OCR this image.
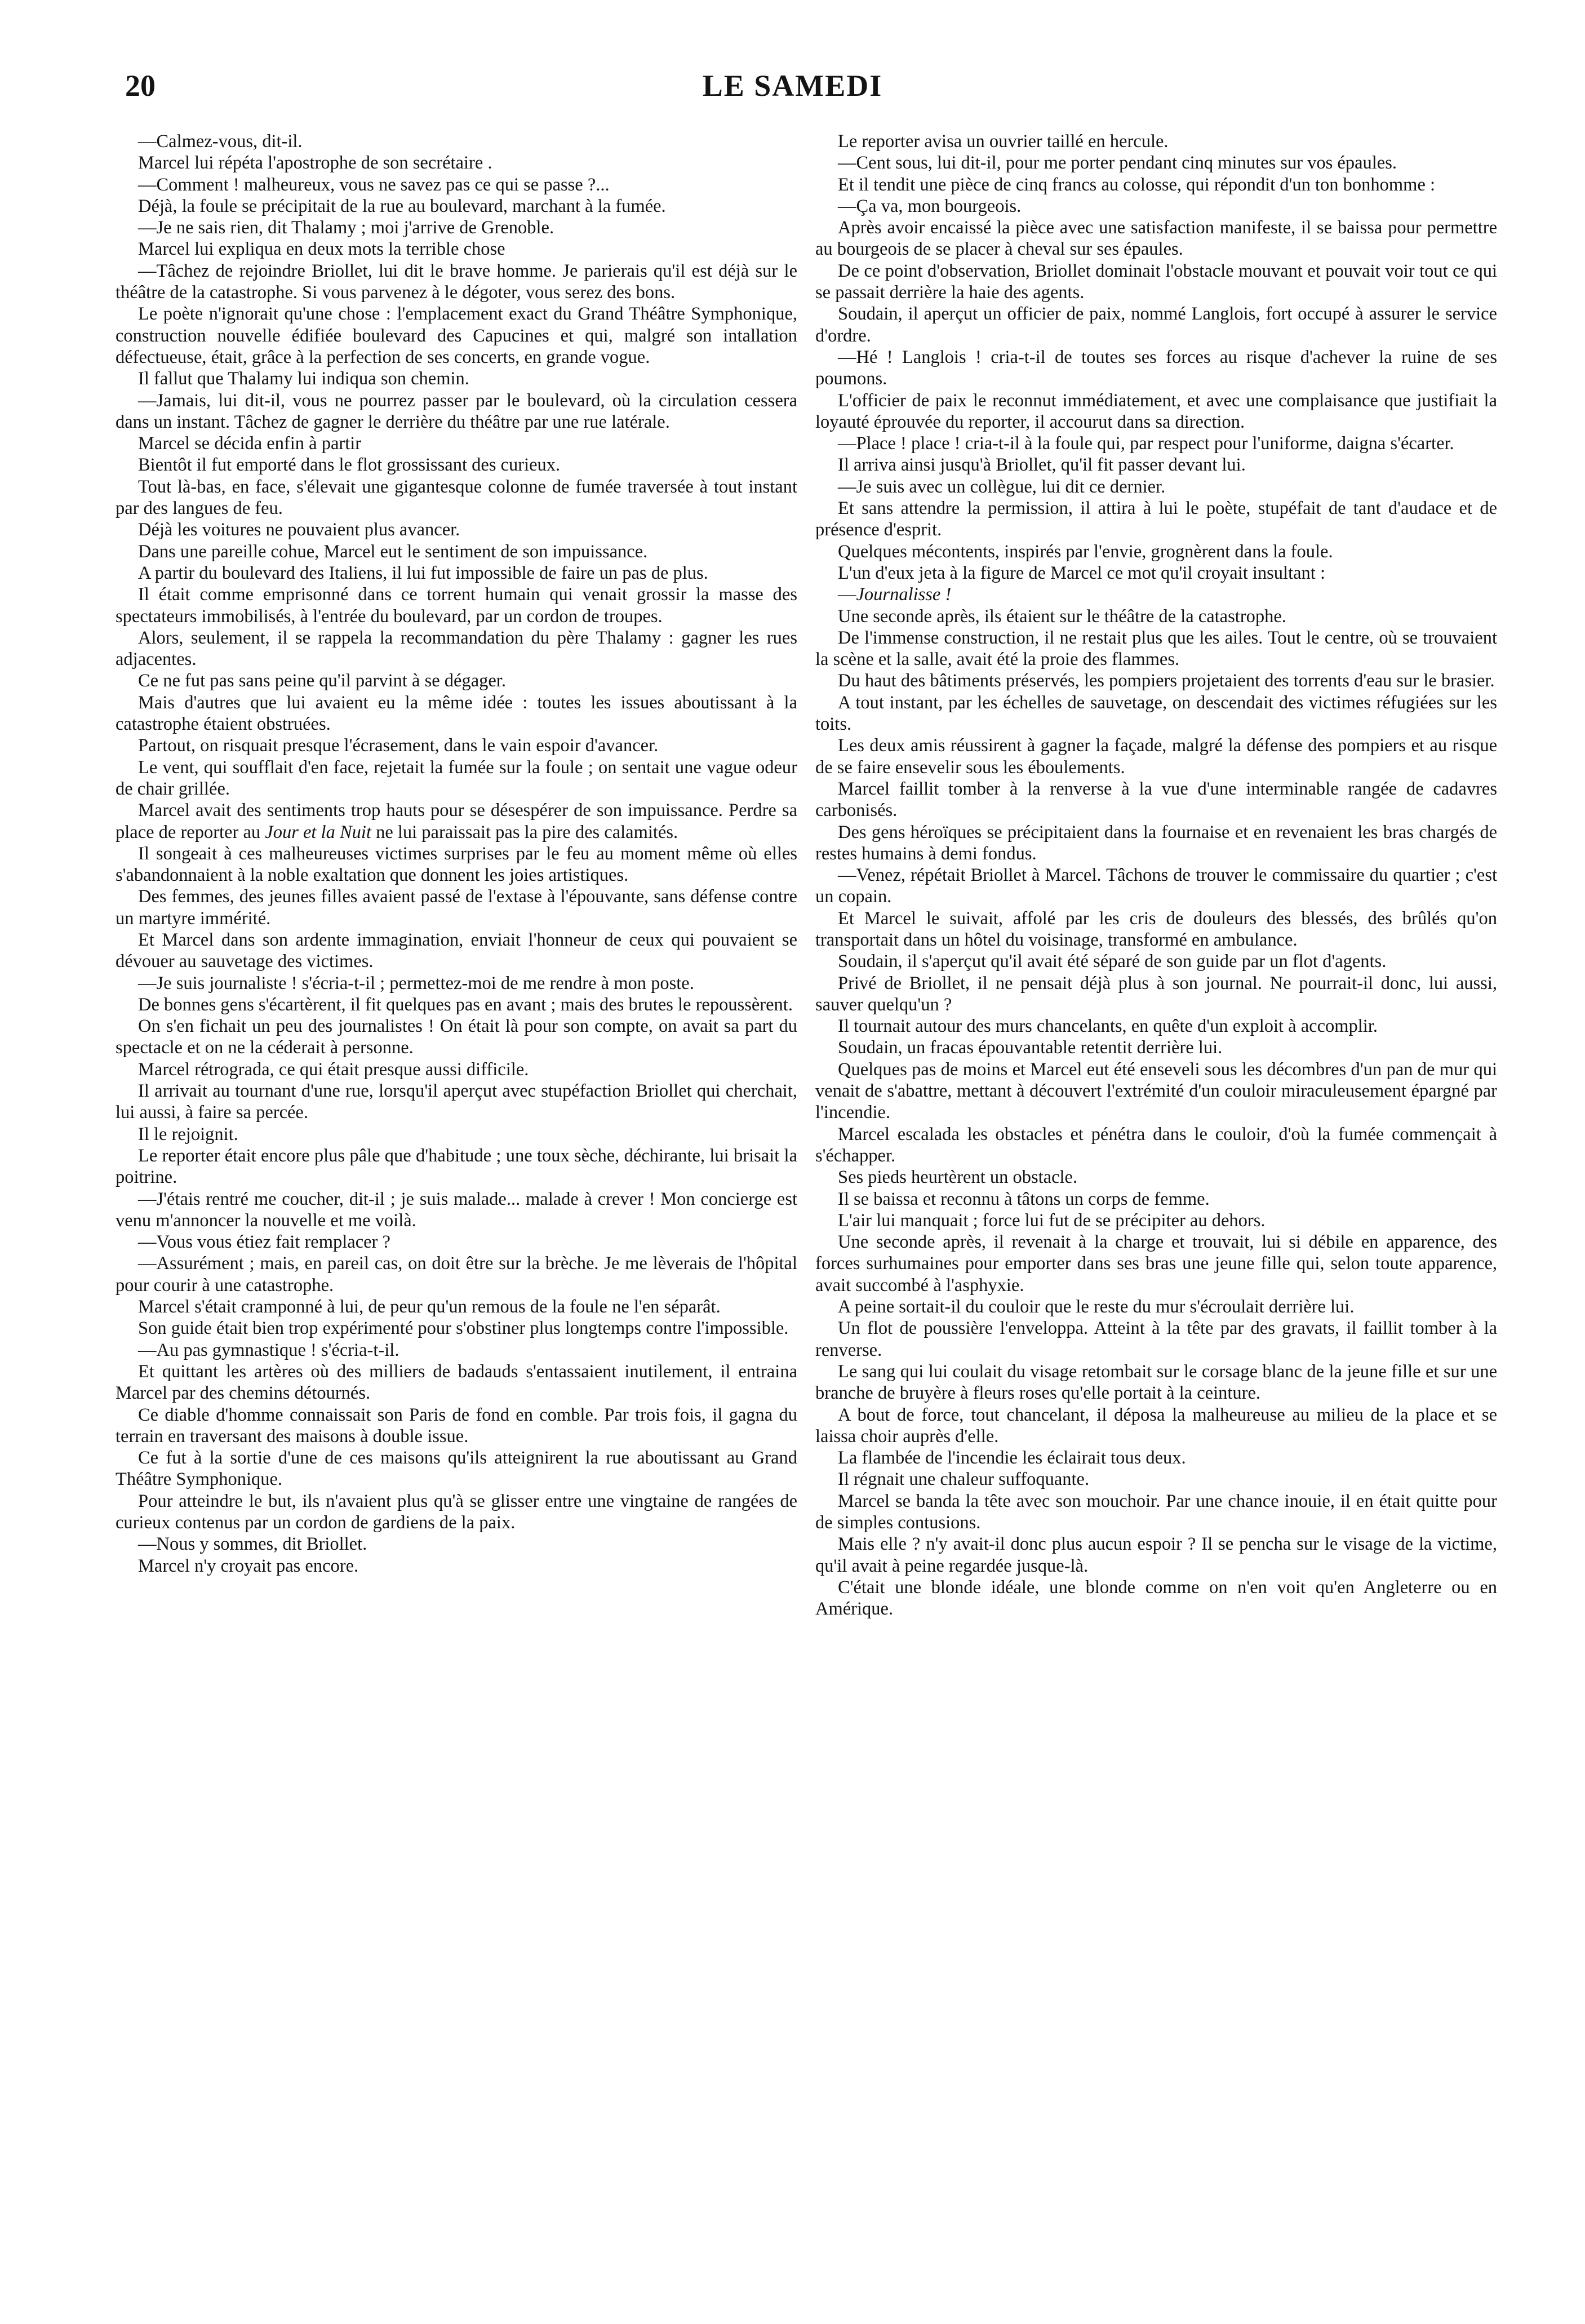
20	LE SAMEDI

—Calmez-vous, dit-il.

Marcel lui répéta l'apostrophe de son secrétaire .

—Comment ! malheureux, vous ne savez pas ce qui se passe ?...

Déjà, la foule se précipitait de la rue au boulevard, marchant à la fumée.

—Je ne sais rien, dit Thalamy ; moi j'arrive de Grenoble.

Marcel lui expliqua en deux mots la terrible chose

—Tâchez de rejoindre Briollet, lui dit le brave homme. Je parierais qu'il est déjà sur le théâtre de la catastrophe. Si vous parvenez à le dégoter, vous serez des bons.

Le poète n'ignorait qu'une chose : l'emplacement exact du Grand Théâtre Symphonique, construction nouvelle édifiée boulevard des Capucines et qui, malgré son intallation défectueuse, était, grâce à la perfection de ses concerts, en grande vogue.

Il fallut que Thalamy lui indiqua son chemin.

—Jamais, lui dit-il, vous ne pourrez passer par le boulevard, où la circulation cessera dans un instant. Tâchez de gagner le derrière du théâtre par une rue latérale.

Marcel se décida enfin à partir

Bientôt il fut emporté dans le flot grossissant des curieux.

Tout là-bas, en face, s'élevait une gigantesque colonne de fumée traversée à tout instant par des langues de feu.

Déjà les voitures ne pouvaient plus avancer.

Dans une pareille cohue, Marcel eut le sentiment de son impuissance.

A partir du boulevard des Italiens, il lui fut impossible de faire un pas de plus.

Il était comme emprisonné dans ce torrent humain qui venait grossir la masse des spectateurs immobilisés, à l'entrée du boulevard, par un cordon de troupes.

Alors, seulement, il se rappela la recommandation du père Thalamy : gagner les rues adjacentes.

Ce ne fut pas sans peine qu'il parvint à se dégager.

Mais d'autres que lui avaient eu la même idée : toutes les issues aboutissant à la catastrophe étaient obstruées.

Partout, on risquait presque l'écrasement, dans le vain espoir d'avancer.

Le vent, qui soufflait d'en face, rejetait la fumée sur la foule ; on sentait une vague odeur de chair grillée.

Marcel avait des sentiments trop hauts pour se désespérer de son impuissance. Perdre sa place de reporter au Jour et la Nuit ne lui paraissait pas la pire des calamités.

Il songeait à ces malheureuses victimes surprises par le feu au moment même où elles s'abandonnaient à la noble exaltation que donnent les joies artistiques.

Des femmes, des jeunes filles avaient passé de l'extase à l'épouvante, sans défense contre un martyre immérité.

Et Marcel dans son ardente immagination, enviait l'honneur de ceux qui pouvaient se dévouer au sauvetage des victimes.

—Je suis journaliste ! s'écria-t-il ; permettez-moi de me rendre à mon poste.

De bonnes gens s'écartèrent, il fit quelques pas en avant ; mais des brutes le repoussèrent.

On s'en fichait un peu des journalistes ! On était là pour son compte, on avait sa part du spectacle et on ne la céderait à personne.

Marcel rétrograda, ce qui était presque aussi difficile.

Il arrivait au tournant d'une rue, lorsqu'il aperçut avec stupéfaction Briollet qui cherchait, lui aussi, à faire sa percée.

Il le rejoignit.

Le reporter était encore plus pâle que d'habitude ; une toux sèche, déchirante, lui brisait la poitrine.

—J'étais rentré me coucher, dit-il ; je suis malade... malade à crever ! Mon concierge est venu m'annoncer la nouvelle et me voilà.

—Vous vous étiez fait remplacer ?

—Assurément ; mais, en pareil cas, on doit être sur la brèche. Je me lèverais de l'hôpital pour courir à une catastrophe.

Marcel s'était cramponné à lui, de peur qu'un remous de la foule ne l'en séparât.

Son guide était bien trop expérimenté pour s'obstiner plus longtemps contre l'impossible.

—Au pas gymnastique ! s'écria-t-il.

Et quittant les artères où des milliers de badauds s'entassaient inutilement, il entraina Marcel par des chemins détournés.

Ce diable d'homme connaissait son Paris de fond en comble. Par trois fois, il gagna du terrain en traversant des maisons à double issue.

Ce fut à la sortie d'une de ces maisons qu'ils atteignirent la rue aboutissant au Grand Théâtre Symphonique.

Pour atteindre le but, ils n'avaient plus qu'à se glisser entre une vingtaine de rangées de curieux contenus par un cordon de gardiens de la paix.

—Nous y sommes, dit Briollet.

Marcel n'y croyait pas encore.

Le reporter avisa un ouvrier taillé en hercule.

—Cent sous, lui dit-il, pour me porter pendant cinq minutes sur vos épaules.

Et il tendit une pièce de cinq francs au colosse, qui répondit d'un ton bonhomme :

—Ça va, mon bourgeois.

Après avoir encaissé la pièce avec une satisfaction manifeste, il se baissa pour permettre au bourgeois de se placer à cheval sur ses épaules.

De ce point d'observation, Briollet dominait l'obstacle mouvant et pouvait voir tout ce qui se passait derrière la haie des agents.

Soudain, il aperçut un officier de paix, nommé Langlois, fort occupé à assurer le service d'ordre.

—Hé ! Langlois ! cria-t-il de toutes ses forces au risque d'achever la ruine de ses poumons.

L'officier de paix le reconnut immédiatement, et avec une complaisance que justifiait la loyauté éprouvée du reporter, il accourut dans sa direction.

—Place ! place ! cria-t-il à la foule qui, par respect pour l'uniforme, daigna s'écarter.

Il arriva ainsi jusqu'à Briollet, qu'il fit passer devant lui.

—Je suis avec un collègue, lui dit ce dernier.

Et sans attendre la permission, il attira à lui le poète, stupéfait de tant d'audace et de présence d'esprit.

Quelques mécontents, inspirés par l'envie, grognèrent dans la foule.

L'un d'eux jeta à la figure de Marcel ce mot qu'il croyait insultant :

—Journalisse !

Une seconde après, ils étaient sur le théâtre de la catastrophe.

De l'immense construction, il ne restait plus que les ailes. Tout le centre, où se trouvaient la scène et la salle, avait été la proie des flammes.

Du haut des bâtiments préservés, les pompiers projetaient des torrents d'eau sur le brasier.

A tout instant, par les échelles de sauvetage, on descendait des victimes réfugiées sur les toits.

Les deux amis réussirent à gagner la façade, malgré la défense des pompiers et au risque de se faire ensevelir sous les éboulements.

Marcel faillit tomber à la renverse à la vue d'une interminable rangée de cadavres carbonisés.

Des gens héroïques se précipitaient dans la fournaise et en revenaient les bras chargés de restes humains à demi fondus.

—Venez, répétait Briollet à Marcel. Tâchons de trouver le commissaire du quartier ; c'est un copain.

Et Marcel le suivait, affolé par les cris de douleurs des blessés, des brûlés qu'on transportait dans un hôtel du voisinage, transformé en ambulance.

Soudain, il s'aperçut qu'il avait été séparé de son guide par un flot d'agents.

Privé de Briollet, il ne pensait déjà plus à son journal. Ne pourrait-il donc, lui aussi, sauver quelqu'un ?

Il tournait autour des murs chancelants, en quête d'un exploit à accomplir.

Soudain, un fracas épouvantable retentit derrière lui.

Quelques pas de moins et Marcel eut été enseveli sous les décombres d'un pan de mur qui venait de s'abattre, mettant à découvert l'extrémité d'un couloir miraculeusement épargné par l'incendie.

Marcel escalada les obstacles et pénétra dans le couloir, d'où la fumée commençait à s'échapper.

Ses pieds heurtèrent un obstacle.

Il se baissa et reconnu à tâtons un corps de femme.

L'air lui manquait ; force lui fut de se précipiter au dehors.

Une seconde après, il revenait à la charge et trouvait, lui si débile en apparence, des forces surhumaines pour emporter dans ses bras une jeune fille qui, selon toute apparence, avait succombé à l'asphyxie.

A peine sortait-il du couloir que le reste du mur s'écroulait derrière lui.

Un flot de poussière l'enveloppa. Atteint à la tête par des gravats, il faillit tomber à la renverse.

Le sang qui lui coulait du visage retombait sur le corsage blanc de la jeune fille et sur une branche de bruyère à fleurs roses qu'elle portait à la ceinture.

A bout de force, tout chancelant, il déposa la malheureuse au milieu de la place et se laissa choir auprès d'elle.

La flambée de l'incendie les éclairait tous deux.

Il régnait une chaleur suffoquante.

Marcel se banda la tête avec son mouchoir. Par une chance inouie, il en était quitte pour de simples contusions.

Mais elle ? n'y avait-il donc plus aucun espoir ? Il se pencha sur le visage de la victime, qu'il avait à peine regardée jusque-là.

C'était une blonde idéale, une blonde comme on n'en voit qu'en Angleterre ou en Amérique.
